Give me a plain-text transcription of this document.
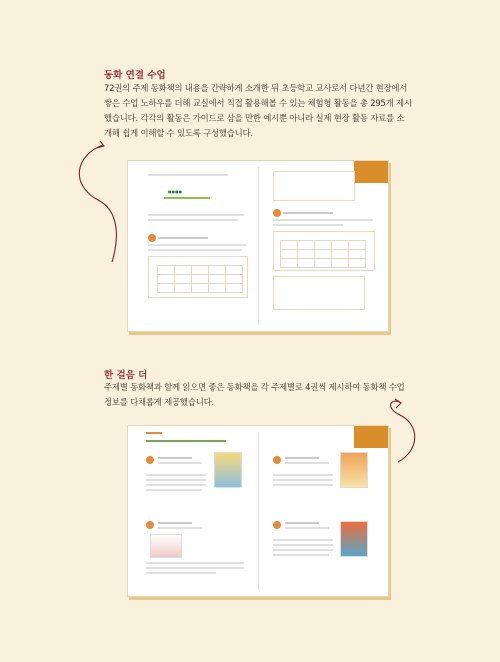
동화 연결 수업
72권의 주제 동화책의 내용을 간략하게 소개한 뒤 초등학교 교사로서 다년간 현장에서
쌓은 수업 노하우를 더해 교실에서 직접 활용해볼 수 있는 체험형 활동을 총 295개 제시
했습니다. 각각의 활동은 가이드로 삼을 만한 예시뿐 아니라 실제 현장 활동 자료를 소
개해 쉽게 이해할 수 있도록 구성했습니다.
●●●●

·

					·
한 걸음 더
주제별 동화책과 함께 읽으면 좋은 동화책을 각 주제별로 4권씩 제시하여 동화책 수업
정보를 다채롭게 제공했습니다.
